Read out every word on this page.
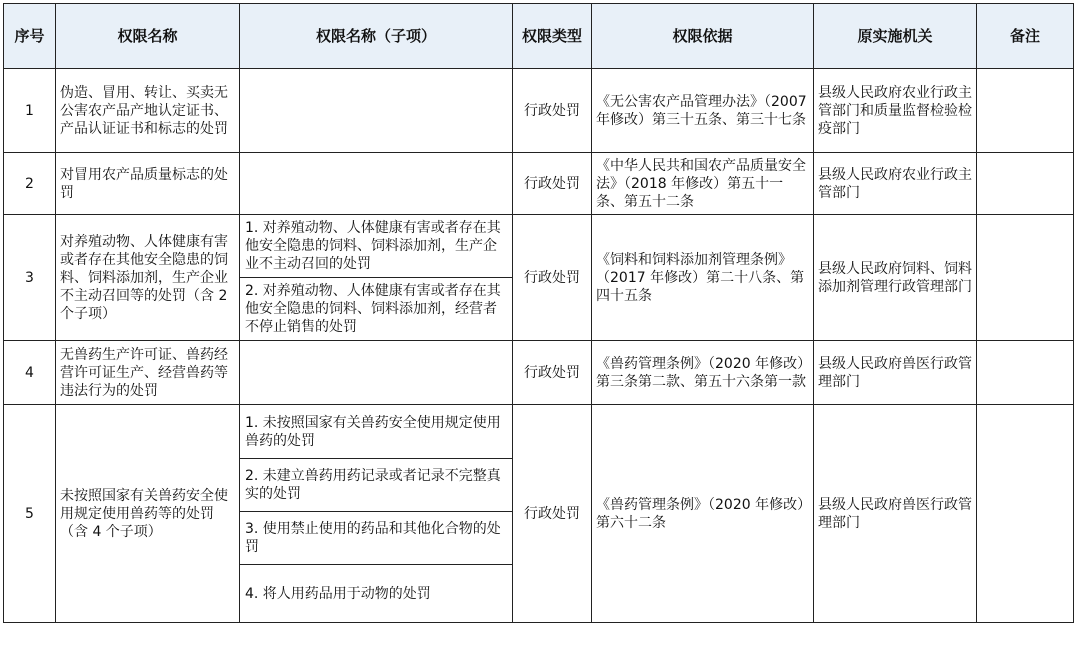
序号	权限名称	权限名称（子项）	权限类型	权限依据	原实施机关	备注
1	伪造、冒用、转让、买卖无公害农产品产地认定证书、产品认证证书和标志的处罚		行政处罚	《无公害农产品管理办法》（2007年修改）第三十五条、第三十七条	县级人民政府农业行政主管部门和质量监督检验检疫部门	
2	对冒用农产品质量标志的处罚		行政处罚	《中华人民共和国农产品质量安全法》（2018 年修改）第五十一条、第五十二条	县级人民政府农业行政主管部门	
3	对养殖动物、人体健康有害或者存在其他安全隐患的饲料、饲料添加剂，生产企业不主动召回等的处罚（含 2 个子项）	1. 对养殖动物、人体健康有害或者存在其他安全隐患的饲料、饲料添加剂，生产企业不主动召回的处罚	行政处罚	《饲料和饲料添加剂管理条例》（2017 年修改）第二十八条、第四十五条	县级人民政府饲料、饲料添加剂管理行政管理部门	
		2. 对养殖动物、人体健康有害或者存在其他安全隐患的饲料、饲料添加剂，经营者不停止销售的处罚				
4	无兽药生产许可证、兽药经营许可证生产、经营兽药等违法行为的处罚		行政处罚	《兽药管理条例》（2020 年修改）第三条第二款、第五十六条第一款	县级人民政府兽医行政管理部门	
5	未按照国家有关兽药安全使用规定使用兽药等的处罚（含 4 个子项）	1. 未按照国家有关兽药安全使用规定使用兽药的处罚	行政处罚	《兽药管理条例》（2020 年修改）第六十二条	县级人民政府兽医行政管理部门	
		2. 未建立兽药用药记录或者记录不完整真实的处罚				
		3. 使用禁止使用的药品和其他化合物的处罚				
		4. 将人用药品用于动物的处罚				
